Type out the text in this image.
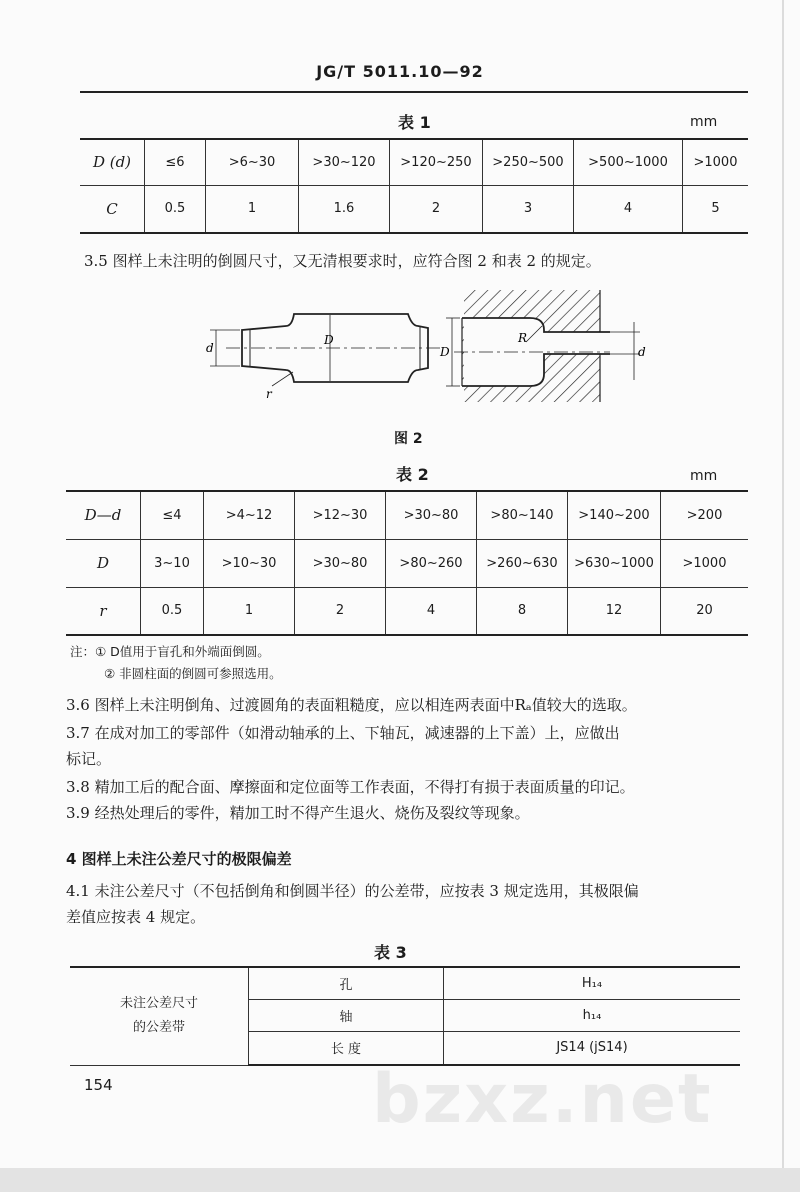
JG/T 5011.10—92
表 1	mm
D (d)	≤6	>6~30	>30~120	>120~250	>250~500	>500~1000	>1000
C	0.5	1	1.6	2	3	4	5
3.5 图样上未注明的倒圆尺寸，又无清根要求时，应符合图 2 和表 2 的规定。
d
D
r
D
R
d
图 2
表 2	mm
D—d	≤4	>4~12	>12~30	>30~80	>80~140	>140~200	>200
D	3~10	>10~30	>30~80	>80~260	>260~630	>630~1000	>1000
r	0.5	1	2	4	8	12	20
注：① D值用于盲孔和外端面倒圆。
② 非圆柱面的倒圆可参照选用。
3.6 图样上未注明倒角、过渡圆角的表面粗糙度，应以相连两表面中Rₐ值较大的选取。
3.7 在成对加工的零部件（如滑动轴承的上、下轴瓦，减速器的上下盖）上，应做出
标记。
3.8 精加工后的配合面、摩擦面和定位面等工作表面，不得打有损于表面质量的印记。
3.9 经热处理后的零件，精加工时不得产生退火、烧伤及裂纹等现象。
4 图样上未注公差尺寸的极限偏差
4.1 未注公差尺寸（不包括倒角和倒圆半径）的公差带，应按表 3 规定选用，其极限偏
差值应按表 4 规定。
表 3
未注公差尺寸
的公差带	孔	H₁₄
	轴	h₁₄
	长 度	JS14 (jS14)
154	bzxz.net
